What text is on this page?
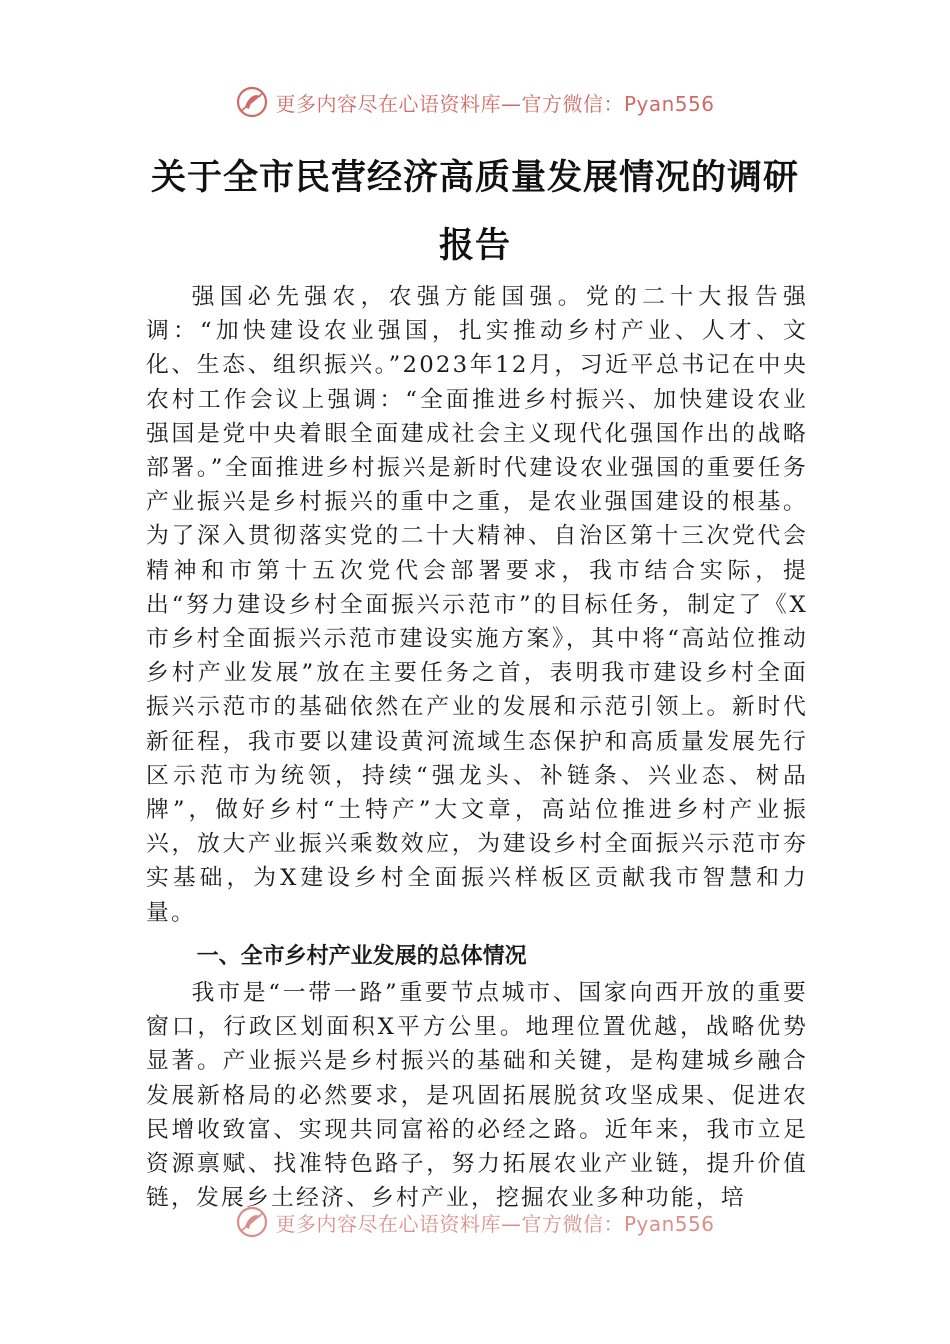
更多内容尽在心语资料库—官方微信：Pyan556
关于全市民营经济高质量发展情况的调研
报告

强国必先强农，农强方能国强。党的二十大报告强调：“加快建设农业强国，扎实推动乡村产业、人才、文化、生态、组织振兴。”2023年12月，习近平总书记在中央农村工作会议上强调：“全面推进乡村振兴、加快建设农业强国是党中央着眼全面建成社会主义现代化强国作出的战略部署。”全面推进乡村振兴是新时代建设农业强国的重要任务产业振兴是乡村振兴的重中之重，是农业强国建设的根基。为了深入贯彻落实党的二十大精神、自治区第十三次党代会精神和市第十五次党代会部署要求，我市结合实际，提出“努力建设乡村全面振兴示范市”的目标任务，制定了《X市乡村全面振兴示范市建设实施方案》，其中将“高站位推动乡村产业发展”放在主要任务之首，表明我市建设乡村全面振兴示范市的基础依然在产业的发展和示范引领上。新时代新征程，我市要以建设黄河流域生态保护和高质量发展先行区示范市为统领，持续“强龙头、补链条、兴业态、树品牌”，做好乡村“土特产”大文章，高站位推进乡村产业振兴，放大产业振兴乘数效应，为建设乡村全面振兴示范市夯实基础，为X建设乡村全面振兴样板区贡献我市智慧和力量。

一、全市乡村产业发展的总体情况

我市是“一带一路”重要节点城市、国家向西开放的重要窗口，行政区划面积X平方公里。地理位置优越，战略优势显著。产业振兴是乡村振兴的基础和关键，是构建城乡融合发展新格局的必然要求，是巩固拓展脱贫攻坚成果、促进农民增收致富、实现共同富裕的必经之路。近年来，我市立足资源禀赋、找准特色路子，努力拓展农业产业链，提升价值链，发展乡土经济、乡村产业，挖掘农业多种功能，培

更多内容尽在心语资料库—官方微信：Pyan556
